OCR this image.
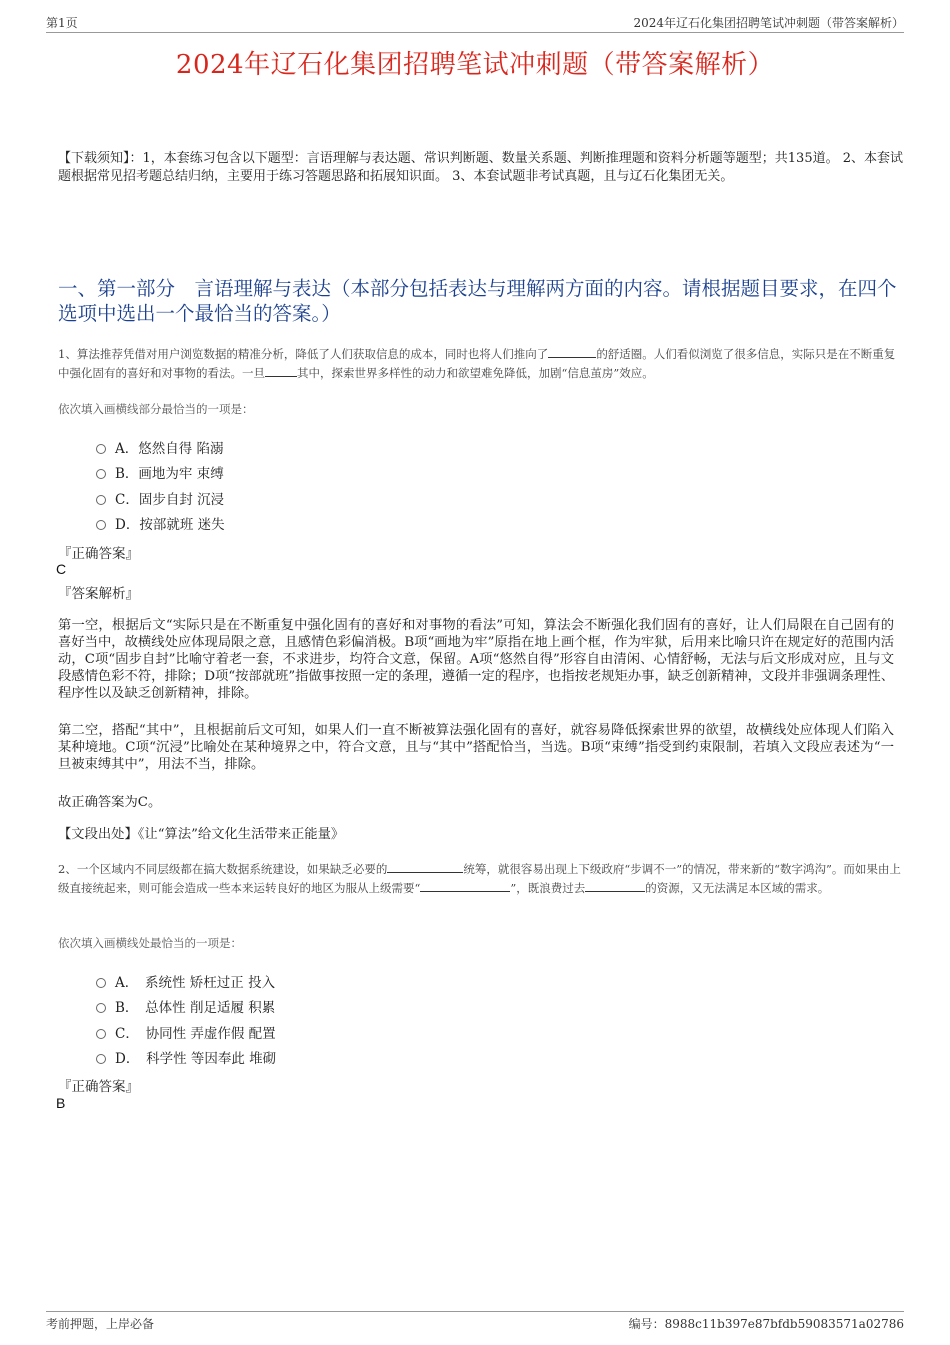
第1页	2024年辽石化集团招聘笔试冲刺题（带答案解析）
2024年辽石化集团招聘笔试冲刺题（带答案解析）
【下载须知】：1，本套练习包含以下题型：言语理解与表达题、常识判断题、数量关系题、判断推理题和资料分析题等题型；共135道。 2、本套试题根据常见招考题总结归纳，主要用于练习答题思路和拓展知识面。 3、本套试题非考试真题，且与辽石化集团无关。
一、第一部分　言语理解与表达（本部分包括表达与理解两方面的内容。请根据题目要求，在四个选项中选出一个最恰当的答案。）
1、算法推荐凭借对用户浏览数据的精准分析，降低了人们获取信息的成本，同时也将人们推向了	的舒适圈。人们看似浏览了很多信息，实际只是在不断重复中强化固有的喜好和对事物的看法。一旦	其中，探索世界多样性的动力和欲望难免降低，加剧“信息茧房”效应。
依次填入画横线部分最恰当的一项是：
A．悠然自得 陷溺
B．画地为牢 束缚
C．固步自封 沉浸
D．按部就班 迷失
『正确答案』
C
『答案解析』
第一空，根据后文“实际只是在不断重复中强化固有的喜好和对事物的看法”可知，算法会不断强化我们固有的喜好，让人们局限在自己固有的喜好当中，故横线处应体现局限之意，且感情色彩偏消极。B项“画地为牢”原指在地上画个框，作为牢狱，后用来比喻只许在规定好的范围内活动，C项“固步自封”比喻守着老一套，不求进步，均符合文意，保留。A项“悠然自得”形容自由清闲、心情舒畅，无法与后文形成对应，且与文段感情色彩不符，排除；D项“按部就班”指做事按照一定的条理，遵循一定的程序，也指按老规矩办事，缺乏创新精神，文段并非强调条理性、程序性以及缺乏创新精神，排除。
第二空，搭配“其中”，且根据前后文可知，如果人们一直不断被算法强化固有的喜好，就容易降低探索世界的欲望，故横线处应体现人们陷入某种境地。C项“沉浸”比喻处在某种境界之中，符合文意，且与“其中”搭配恰当，当选。B项“束缚”指受到约束限制，若填入文段应表述为“一旦被束缚其中”，用法不当，排除。
故正确答案为C。
【文段出处】《让“算法”给文化生活带来正能量》
2、一个区域内不同层级都在搞大数据系统建设，如果缺乏必要的	统筹，就很容易出现上下级政府“步调不一”的情况，带来新的“数字鸿沟”。而如果由上级直接统起来，则可能会造成一些本来运转良好的地区为服从上级需要“	”，既浪费过去	的资源，又无法满足本区域的需求。
依次填入画横线处最恰当的一项是：
A．　系统性 矫枉过正 投入
B．　总体性 削足适履 积累
C．　协同性 弄虚作假 配置
D．　科学性 等因奉此 堆砌
『正确答案』
B
考前押题，上岸必备	编号：8988c11b397e87bfdb59083571a02786
